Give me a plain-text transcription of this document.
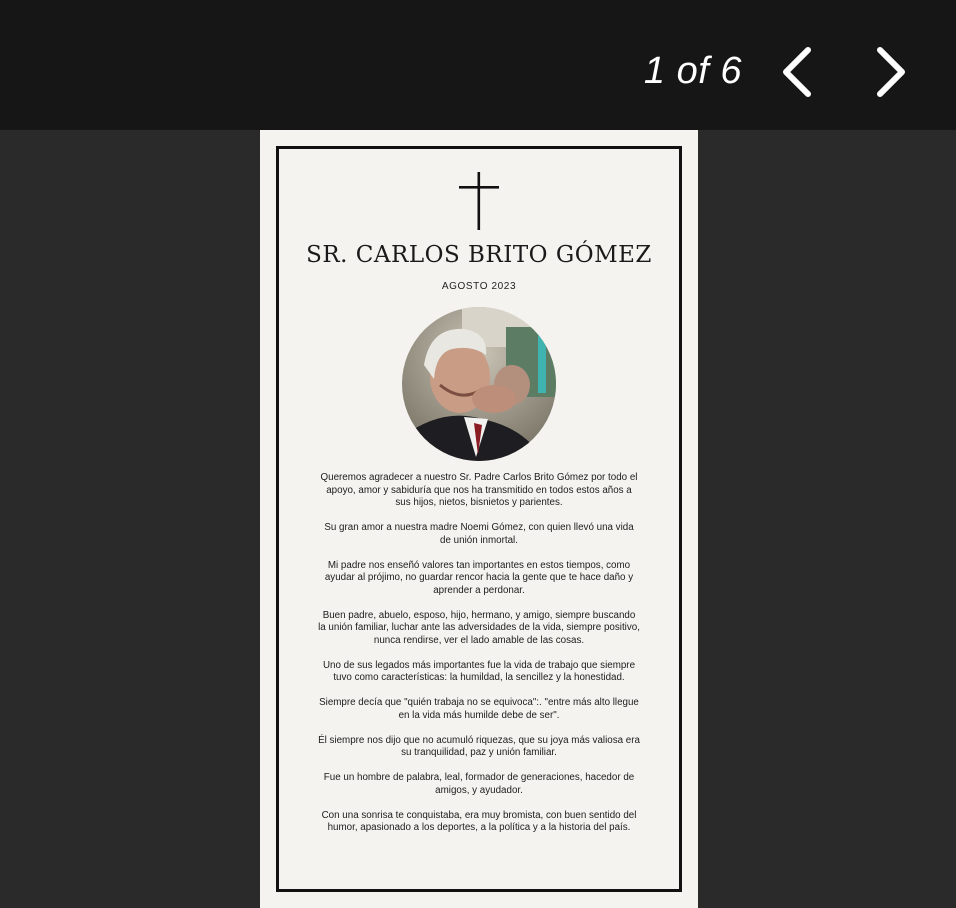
1 of 6
SR. CARLOS BRITO GÓMEZ
AGOSTO 2023

Queremos agradecer a nuestro Sr. Padre Carlos Brito Gómez por todo el apoyo, amor y sabiduría que nos ha transmitido en todos estos años a sus hijos, nietos, bisnietos y parientes.

Su gran amor a nuestra madre Noemi Gómez, con quien llevó una vida de unión inmortal.

Mi padre nos enseñó valores tan importantes en estos tiempos, como ayudar al prójimo, no guardar rencor hacia la gente que te hace daño y aprender a perdonar.

Buen padre, abuelo, esposo, hijo, hermano, y amigo, siempre buscando la unión familiar, luchar ante las adversidades de la vida, siempre positivo, nunca rendirse, ver el lado amable de las cosas.

Uno de sus legados más importantes fue la vida de trabajo que siempre tuvo como características: la humildad, la sencillez y la honestidad.

Siempre decía que "quién trabaja no se equivoca":. "entre más alto llegue en la vida más humilde debe de ser".

Él siempre nos dijo que no acumuló riquezas, que su joya más valiosa era su tranquilidad, paz y unión familiar.

Fue un hombre de palabra, leal, formador de generaciones, hacedor de amigos, y ayudador.

Con una sonrisa te conquistaba, era muy bromista, con buen sentido del humor, apasionado a los deportes, a la política y a la historia del país.
